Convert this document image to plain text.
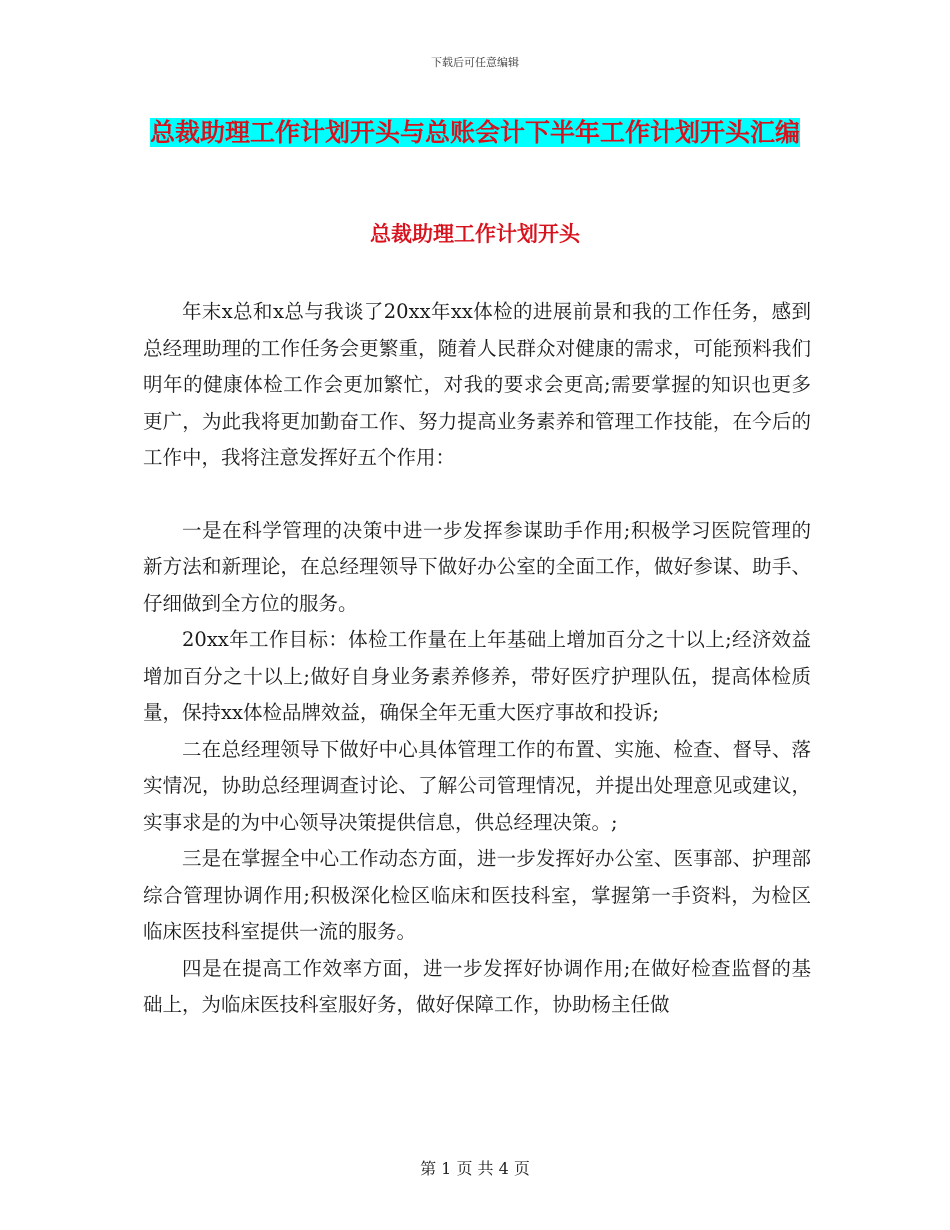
下载后可任意编辑
总裁助理工作计划开头与总账会计下半年工作计划开头汇编
总裁助理工作计划开头

年末x总和x总与我谈了20xx年xx体检的进展前景和我的工作任务，感到总经理助理的工作任务会更繁重，随着人民群众对健康的需求，可能预料我们明年的健康体检工作会更加繁忙，对我的要求会更高;需要掌握的知识也更多更广，为此我将更加勤奋工作、努力提高业务素养和管理工作技能，在今后的工作中，我将注意发挥好五个作用：

一是在科学管理的决策中进一步发挥参谋助手作用;积极学习医院管理的新方法和新理论，在总经理领导下做好办公室的全面工作，做好参谋、助手、仔细做到全方位的服务。

20xx年工作目标：体检工作量在上年基础上增加百分之十以上;经济效益增加百分之十以上;做好自身业务素养修养，带好医疗护理队伍，提高体检质量，保持xx体检品牌效益，确保全年无重大医疗事故和投诉;

二在总经理领导下做好中心具体管理工作的布置、实施、检查、督导、落实情况，协助总经理调查讨论、了解公司管理情况，并提出处理意见或建议，实事求是的为中心领导决策提供信息，供总经理决策。;

三是在掌握全中心工作动态方面，进一步发挥好办公室、医事部、护理部综合管理协调作用;积极深化检区临床和医技科室，掌握第一手资料，为检区临床医技科室提供一流的服务。

四是在提高工作效率方面，进一步发挥好协调作用;在做好检查监督的基础上，为临床医技科室服好务，做好保障工作，协助杨主任做

第 1 页 共 4 页
